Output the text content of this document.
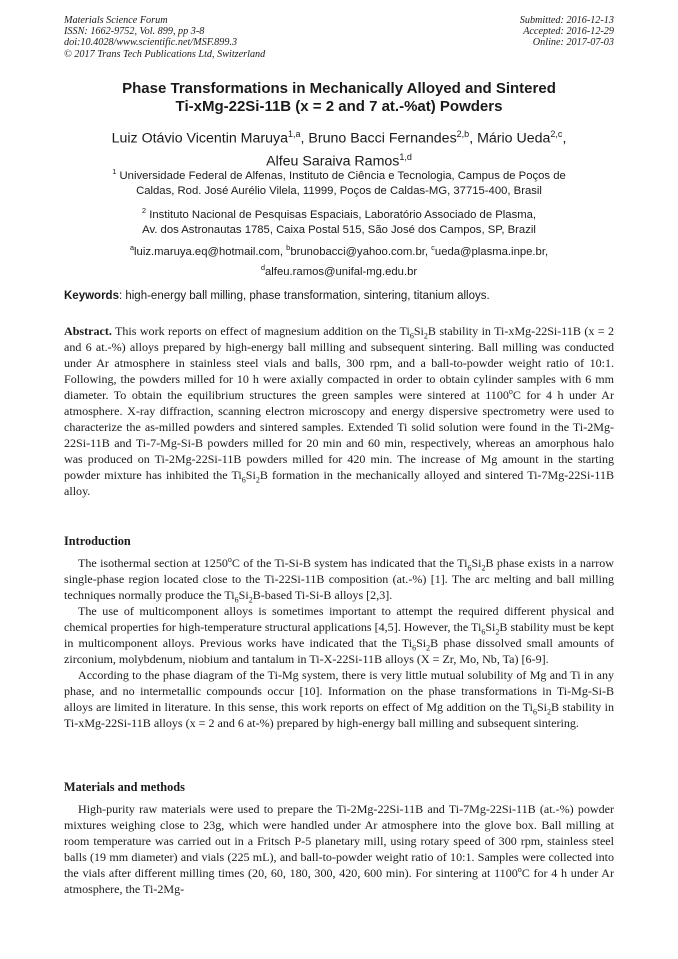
Materials Science Forum
ISSN: 1662-9752, Vol. 899, pp 3-8
doi:10.4028/www.scientific.net/MSF.899.3
© 2017 Trans Tech Publications Ltd, Switzerland
Submitted: 2016-12-13
Accepted: 2016-12-29
Online: 2017-07-03
Phase Transformations in Mechanically Alloyed and Sintered
Ti-xMg-22Si-11B (x = 2 and 7 at.-%at) Powders
Luiz Otávio Vicentin Maruya$^{1,a}$, Bruno Bacci Fernandes$^{2,b}$, Mário Ueda$^{2,c}$,
Alfeu Saraiva Ramos$^{1,d}$
$^1$ Universidade Federal de Alfenas, Instituto de Ciência e Tecnologia, Campus de Poços de
Caldas, Rod. José Aurélio Vilela, 11999, Poços de Caldas-MG, 37715-400, Brasil
$^2$ Instituto Nacional de Pesquisas Espaciais, Laboratório Associado de Plasma,
Av. dos Astronautas 1785, Caixa Postal 515, São José dos Campos, SP, Brazil
$^a$luiz.maruya.eq@hotmail.com, $^b$brunobacci@yahoo.com.br, $^c$ueda@plasma.inpe.br,
$^d$alfeu.ramos@unifal-mg.edu.br
Keywords: high-energy ball milling, phase transformation, sintering, titanium alloys.
Abstract. This work reports on effect of magnesium addition on the $Ti_6Si_2B$ stability in Ti-xMg-22Si-11B (x = 2 and 6 at.-%) alloys prepared by high-energy ball milling and subsequent sintering. Ball milling was conducted under Ar atmosphere in stainless steel vials and balls, 300 rpm, and a ball-to-powder weight ratio of 10:1. Following, the powders milled for 10 h were axially compacted in order to obtain cylinder samples with 6 mm diameter. To obtain the equilibrium structures the green samples were sintered at 1100$^o$C for 4 h under Ar atmosphere. X-ray diffraction, scanning electron microscopy and energy dispersive spectrometry were used to characterize the as-milled powders and sintered samples. Extended Ti solid solution were found in the Ti-2Mg-22Si-11B and Ti-7-Mg-Si-B powders milled for 20 min and 60 min, respectively, whereas an amorphous halo was produced on Ti-2Mg-22Si-11B powders milled for 420 min. The increase of Mg amount in the starting powder mixture has inhibited the $Ti_6Si_2B$ formation in the mechanically alloyed and sintered Ti-7Mg-22Si-11B alloy.
Introduction

The isothermal section at 1250$^o$C of the Ti-Si-B system has indicated that the $Ti_6Si_2B$ phase exists in a narrow single-phase region located close to the Ti-22Si-11B composition (at.-%) [1]. The arc melting and ball milling techniques normally produce the $Ti_6Si_2B$-based Ti-Si-B alloys [2,3].

The use of multicomponent alloys is sometimes important to attempt the required different physical and chemical properties for high-temperature structural applications [4,5]. However, the $Ti_6Si_2B$ stability must be kept in multicomponent alloys. Previous works have indicated that the $Ti_6Si_2B$ phase dissolved small amounts of zirconium, molybdenum, niobium and tantalum in Ti-X-22Si-11B alloys (X = Zr, Mo, Nb, Ta) [6-9].

According to the phase diagram of the Ti-Mg system, there is very little mutual solubility of Mg and Ti in any phase, and no intermetallic compounds occur [10]. Information on the phase transformations in Ti-Mg-Si-B alloys are limited in literature. In this sense, this work reports on effect of Mg addition on the $Ti_6Si_2B$ stability in Ti-xMg-22Si-11B alloys (x = 2 and 6 at-%) prepared by high-energy ball milling and subsequent sintering.

Materials and methods

High-purity raw materials were used to prepare the Ti-2Mg-22Si-11B and Ti-7Mg-22Si-11B (at.-%) powder mixtures weighing close to 23g, which were handled under Ar atmosphere into the glove box. Ball milling at room temperature was carried out in a Fritsch P-5 planetary mill, using rotary speed of 300 rpm, stainless steel balls (19 mm diameter) and vials (225 mL), and ball-to-powder weight ratio of 10:1. Samples were collected into the vials after different milling times (20, 60, 180, 300, 420, 600 min). For sintering at 1100$^o$C for 4 h under Ar atmosphere, the Ti-2Mg-
